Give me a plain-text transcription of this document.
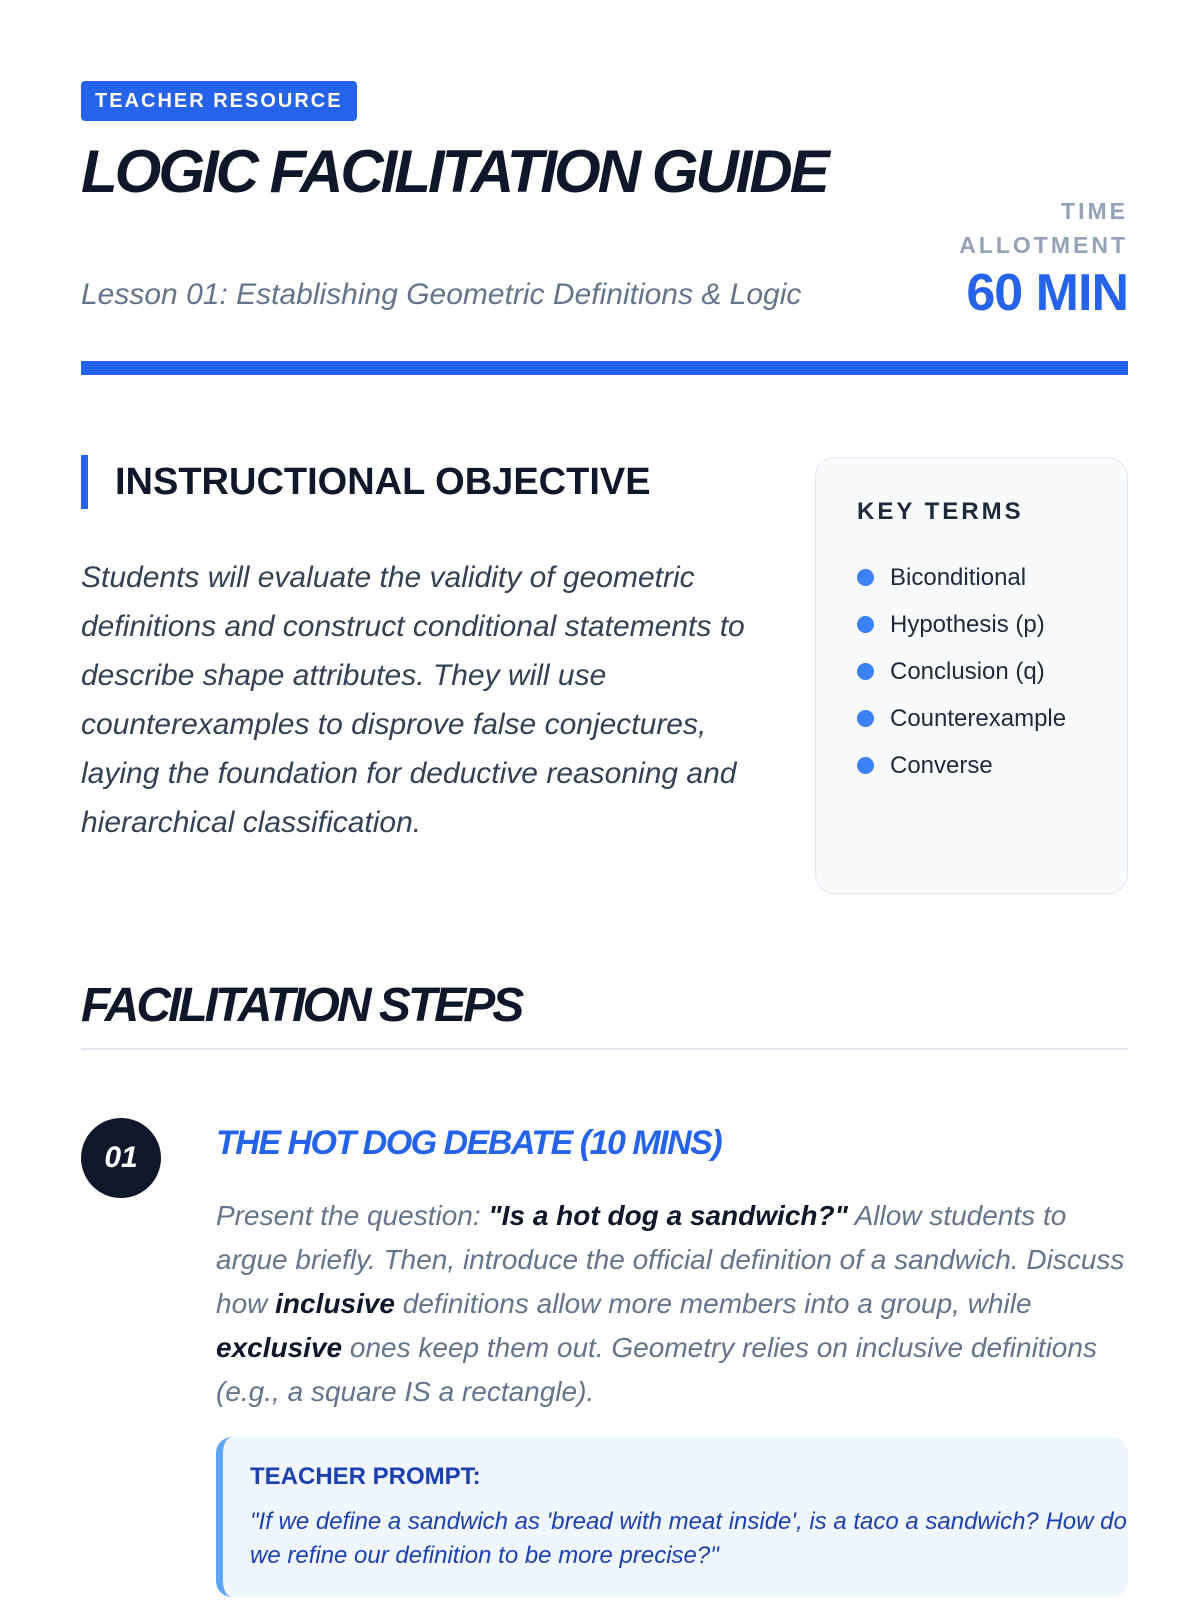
TEACHER RESOURCE
LOGIC FACILITATION GUIDE
Lesson 01: Establishing Geometric Definitions & Logic
TIME ALLOTMENT
60 MIN
INSTRUCTIONAL OBJECTIVE

Students will evaluate the validity of geometric definitions and construct conditional statements to describe shape attributes. They will use counterexamples to disprove false conjectures, laying the foundation for deductive reasoning and hierarchical classification.

KEY TERMS
Biconditional
Hypothesis (p)
Conclusion (q)
Counterexample
Converse
FACILITATION STEPS
01	THE HOT DOG DEBATE (10 MINS)

Present the question: "Is a hot dog a sandwich?" Allow students to argue briefly. Then, introduce the official definition of a sandwich. Discuss how inclusive definitions allow more members into a group, while exclusive ones keep them out. Geometry relies on inclusive definitions (e.g., a square IS a rectangle).

TEACHER PROMPT:
"If we define a sandwich as 'bread with meat inside', is a taco a sandwich? How do we refine our definition to be more precise?"
